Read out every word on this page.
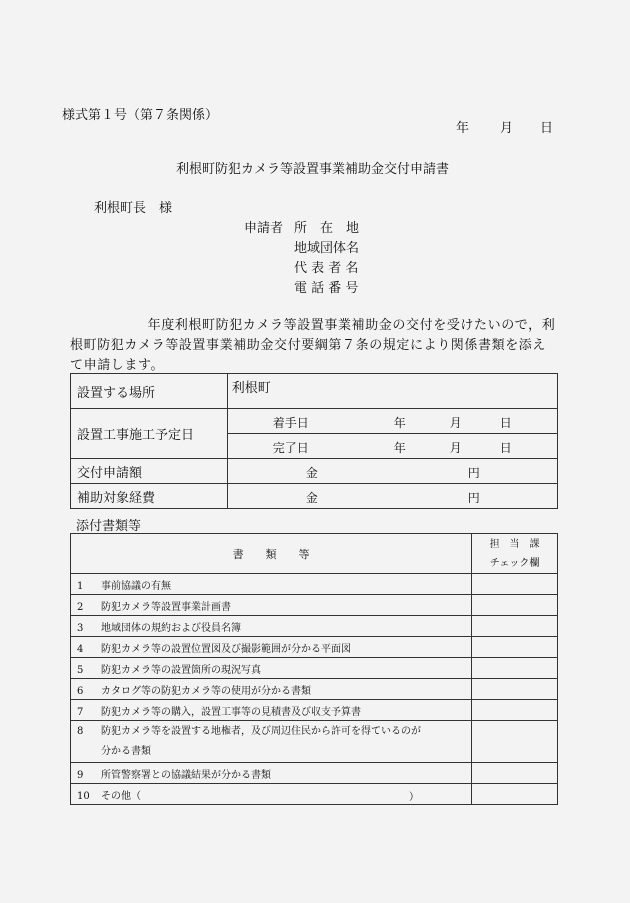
様式第１号（第７条関係）
年 月 日
利根町防犯カメラ等設置事業補助金交付申請書
利根町長　様
申請者 所　在　地
地域団体名
代 表 者 名
電 話 番 号
　年度利根町防犯カメラ等設置事業補助金の交付を受けたいので，利根町防犯カメラ等設置事業補助金交付要綱第７条の規定により関係書類を添えて申請します。
設置する場所	利根町
設置工事施工予定日	着手日 年 月 日

	完了日 年 月 日

交付申請額	金 円

補助対象経費	金 円
添付書類等
書　　類　　等	担　当　課
チェック欄

1 事前協議の有無	
2 防犯カメラ等設置事業計画書	
3 地域団体の規約および役員名簿	
4 防犯カメラ等の設置位置図及び撮影範囲が分かる平面図	
5 防犯カメラ等の設置箇所の現況写真	
6 カタログ等の防犯カメラ等の使用が分かる書類	
7 防犯カメラ等の購入，設置工事等の見積書及び収支予算書	

8 防犯カメラ等を設置する地権者，及び周辺住民から許可を得ているのが
分かる書類	

9 所管警察署との協議結果が分かる書類	
10 その他（ ）	
